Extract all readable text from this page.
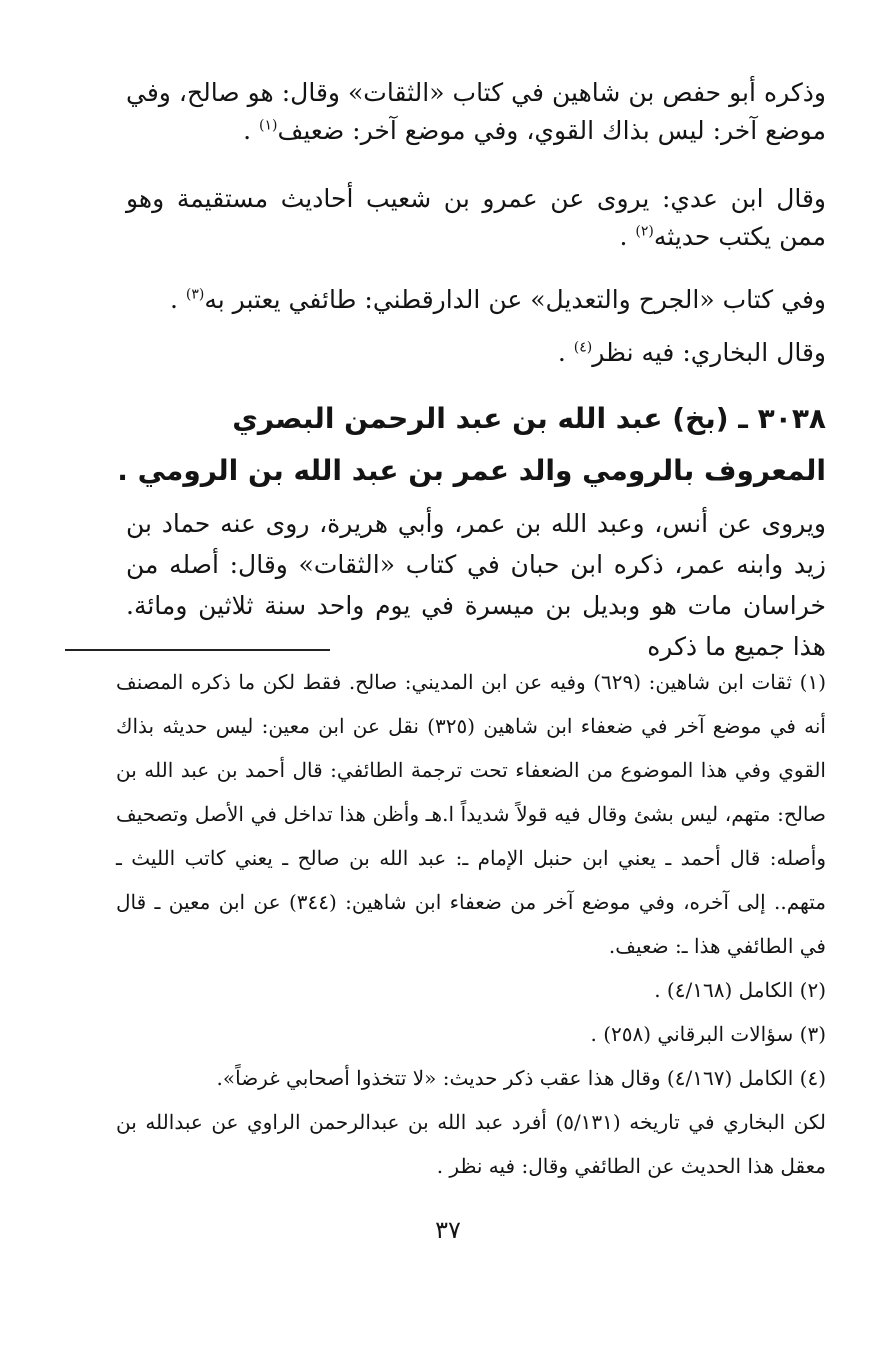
وذكره أبو حفص بن شاهين في كتاب «الثقات» وقال: هو صالح، وفي موضع آخر: ليس بذاك القوي، وفي موضع آخر: ضعيف$^{(١)}$ .

وقال ابن عدي: يروى عن عمرو بن شعيب أحاديث مستقيمة وهو ممن يكتب حديثه$^{(٢)}$ .

وفي كتاب «الجرح والتعديل» عن الدارقطني: طائفي يعتبر به$^{(٣)}$ .

وقال البخاري: فيه نظر$^{(٤)}$ .

٣٠٣٨ ـ (بخ) عبد الله بن عبد الرحمن البصري المعروف بالرومي والد عمر بن عبد الله بن الرومي .

ويروى عن أنس، وعبد الله بن عمر، وأبي هريرة، روى عنه حماد بن زيد وابنه عمر، ذكره ابن حبان في كتاب «الثقات» وقال: أصله من خراسان مات هو وبديل بن ميسرة في يوم واحد سنة ثلاثين ومائة. هذا جميع ما ذكره

(١) ثقات ابن شاهين: (٦٢٩) وفيه عن ابن المديني: صالح. فقط لكن ما ذكره المصنف أنه في موضع آخر في ضعفاء ابن شاهين (٣٢٥) نقل عن ابن معين: ليس حديثه بذاك القوي وفي هذا الموضوع من الضعفاء تحت ترجمة الطائفي: قال أحمد بن عبد الله بن صالح: متهم، ليس بشئ وقال فيه قولاً شديداً ا.هـ وأظن هذا تداخل في الأصل وتصحيف وأصله: قال أحمد ـ يعني ابن حنبل الإمام ـ: عبد الله بن صالح ـ يعني كاتب الليث ـ متهم.. إلى آخره، وفي موضع آخر من ضعفاء ابن شاهين: (٣٤٤) عن ابن معين ـ قال في الطائفي هذا ـ: ضعيف.

(٢) الكامل (٤/١٦٨) .

(٣) سؤالات البرقاني (٢٥٨) .

(٤) الكامل (٤/١٦٧) وقال هذا عقب ذكر حديث: «لا تتخذوا أصحابي غرضاً».
لكن البخاري في تاريخه (٥/١٣١) أفرد عبد الله بن عبدالرحمن الراوي عن عبدالله بن معقل هذا الحديث عن الطائفي وقال: فيه نظر .

٣٧
